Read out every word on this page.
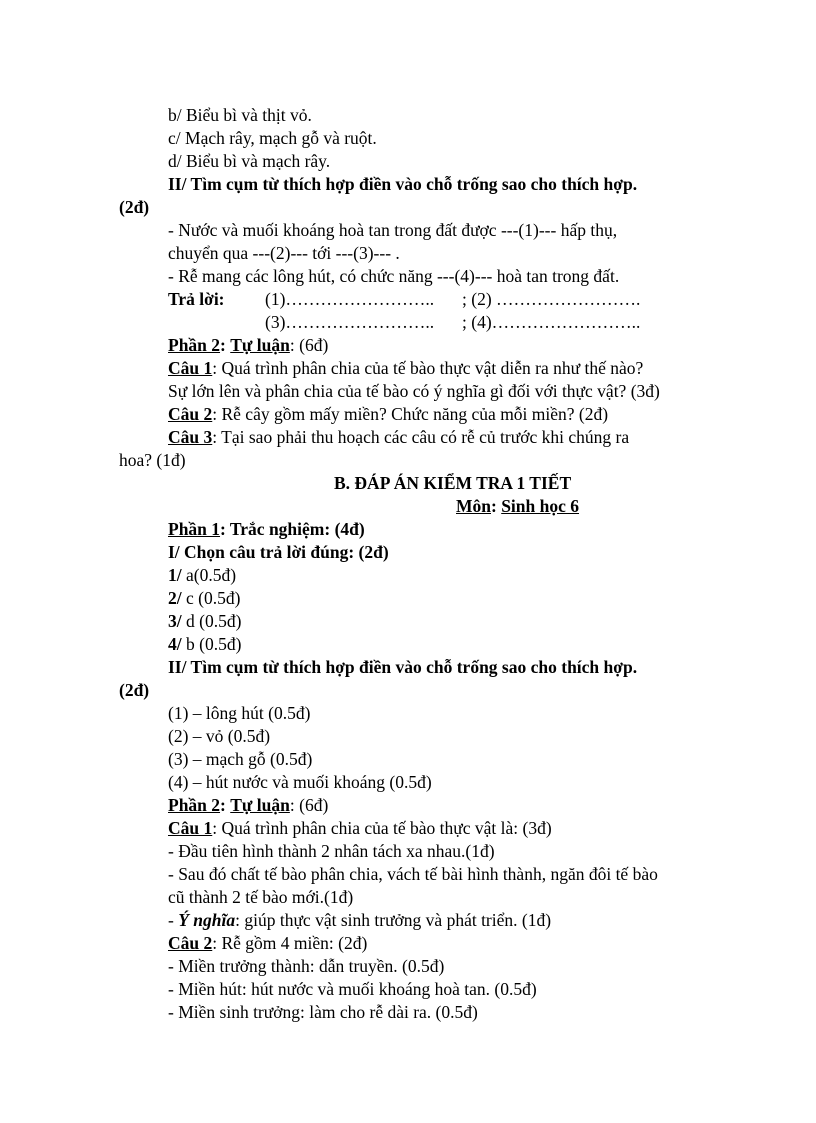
b/ Biểu bì và thịt vỏ.
c/ Mạch rây, mạch gỗ và ruột.
d/ Biểu bì và mạch rây.
II/ Tìm cụm từ thích hợp điền vào chỗ trống sao cho thích hợp.
(2đ)
- Nước và muối khoáng hoà tan trong đất được ---(1)--- hấp thụ,
chuyển qua ---(2)--- tới ---(3)--- .
- Rễ mang các lông hút, có chức năng ---(4)--- hoà tan trong đất.
Trả lời: (1)…………………….. ; (2) …………………….
(3)…………………….. ; (4)……………………..
Phần 2: Tự luận: (6đ)
Câu 1: Quá trình phân chia của tế bào thực vật diễn ra như thế nào?
Sự lớn lên và phân chia của tế bào có ý nghĩa gì đối với thực vật? (3đ)
Câu 2: Rễ cây gồm mấy miền? Chức năng của mỗi miền? (2đ)
Câu 3: Tại sao phải thu hoạch các câu có rễ củ trước khi chúng ra
hoa? (1đ)
B. ĐÁP ÁN KIỂM TRA 1 TIẾT
Môn: Sinh học 6
Phần 1: Trắc nghiệm: (4đ)
I/ Chọn câu trả lời đúng: (2đ)
1/ a(0.5đ)
2/ c (0.5đ)
3/ d (0.5đ)
4/ b (0.5đ)
II/ Tìm cụm từ thích hợp điền vào chỗ trống sao cho thích hợp.
(2đ)
(1) – lông hút (0.5đ)
(2) – vỏ (0.5đ)
(3) – mạch gỗ (0.5đ)
(4) – hút nước và muối khoáng (0.5đ)
Phần 2: Tự luận: (6đ)
Câu 1: Quá trình phân chia của tế bào thực vật là: (3đ)
- Đầu tiên hình thành 2 nhân tách xa nhau.(1đ)
- Sau đó chất tế bào phân chia, vách tế bài hình thành, ngăn đôi tế bào
cũ thành 2 tế bào mới.(1đ)
- Ý nghĩa: giúp thực vật sinh trưởng và phát triển. (1đ)
Câu 2: Rễ gồm 4 miền: (2đ)
- Miền trưởng thành: dẫn truyền. (0.5đ)
- Miền hút: hút nước và muối khoáng hoà tan. (0.5đ)
- Miền sinh trưởng: làm cho rễ dài ra. (0.5đ)
